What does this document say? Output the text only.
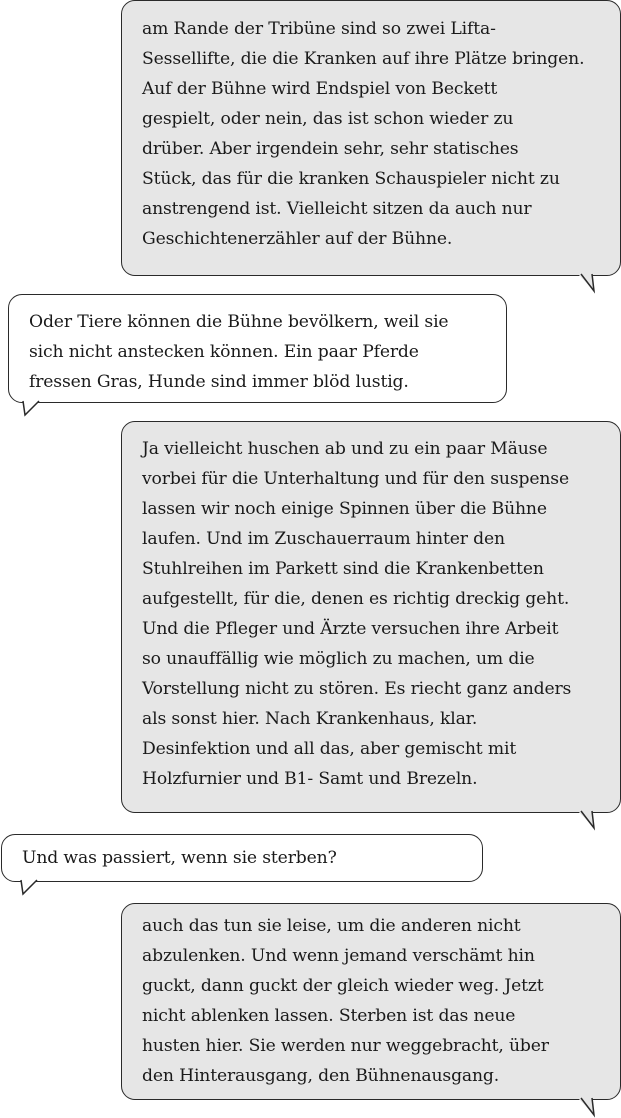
am Rande der Tribüne sind so zwei Lifta-
Sessellifte, die die Kranken auf ihre Plätze bringen.
Auf der Bühne wird Endspiel von Beckett
gespielt, oder nein, das ist schon wieder zu
drüber. Aber irgendein sehr, sehr statisches
Stück, das für die kranken Schauspieler nicht zu
anstrengend ist. Vielleicht sitzen da auch nur
Geschichtenerzähler auf der Bühne.

Oder Tiere können die Bühne bevölkern, weil sie
sich nicht anstecken können. Ein paar Pferde
fressen Gras, Hunde sind immer blöd lustig.

Ja vielleicht huschen ab und zu ein paar Mäuse
vorbei für die Unterhaltung und für den suspense
lassen wir noch einige Spinnen über die Bühne
laufen. Und im Zuschauerraum hinter den
Stuhlreihen im Parkett sind die Krankenbetten
aufgestellt, für die, denen es richtig dreckig geht.
Und die Pfleger und Ärzte versuchen ihre Arbeit
so unauffällig wie möglich zu machen, um die
Vorstellung nicht zu stören. Es riecht ganz anders
als sonst hier. Nach Krankenhaus, klar.
Desinfektion und all das, aber gemischt mit
Holzfurnier und B1- Samt und Brezeln.

Und was passiert, wenn sie sterben?

auch das tun sie leise, um die anderen nicht
abzulenken. Und wenn jemand verschämt hin
guckt, dann guckt der gleich wieder weg. Jetzt
nicht ablenken lassen. Sterben ist das neue
husten hier. Sie werden nur weggebracht, über
den Hinterausgang, den Bühnenausgang.
